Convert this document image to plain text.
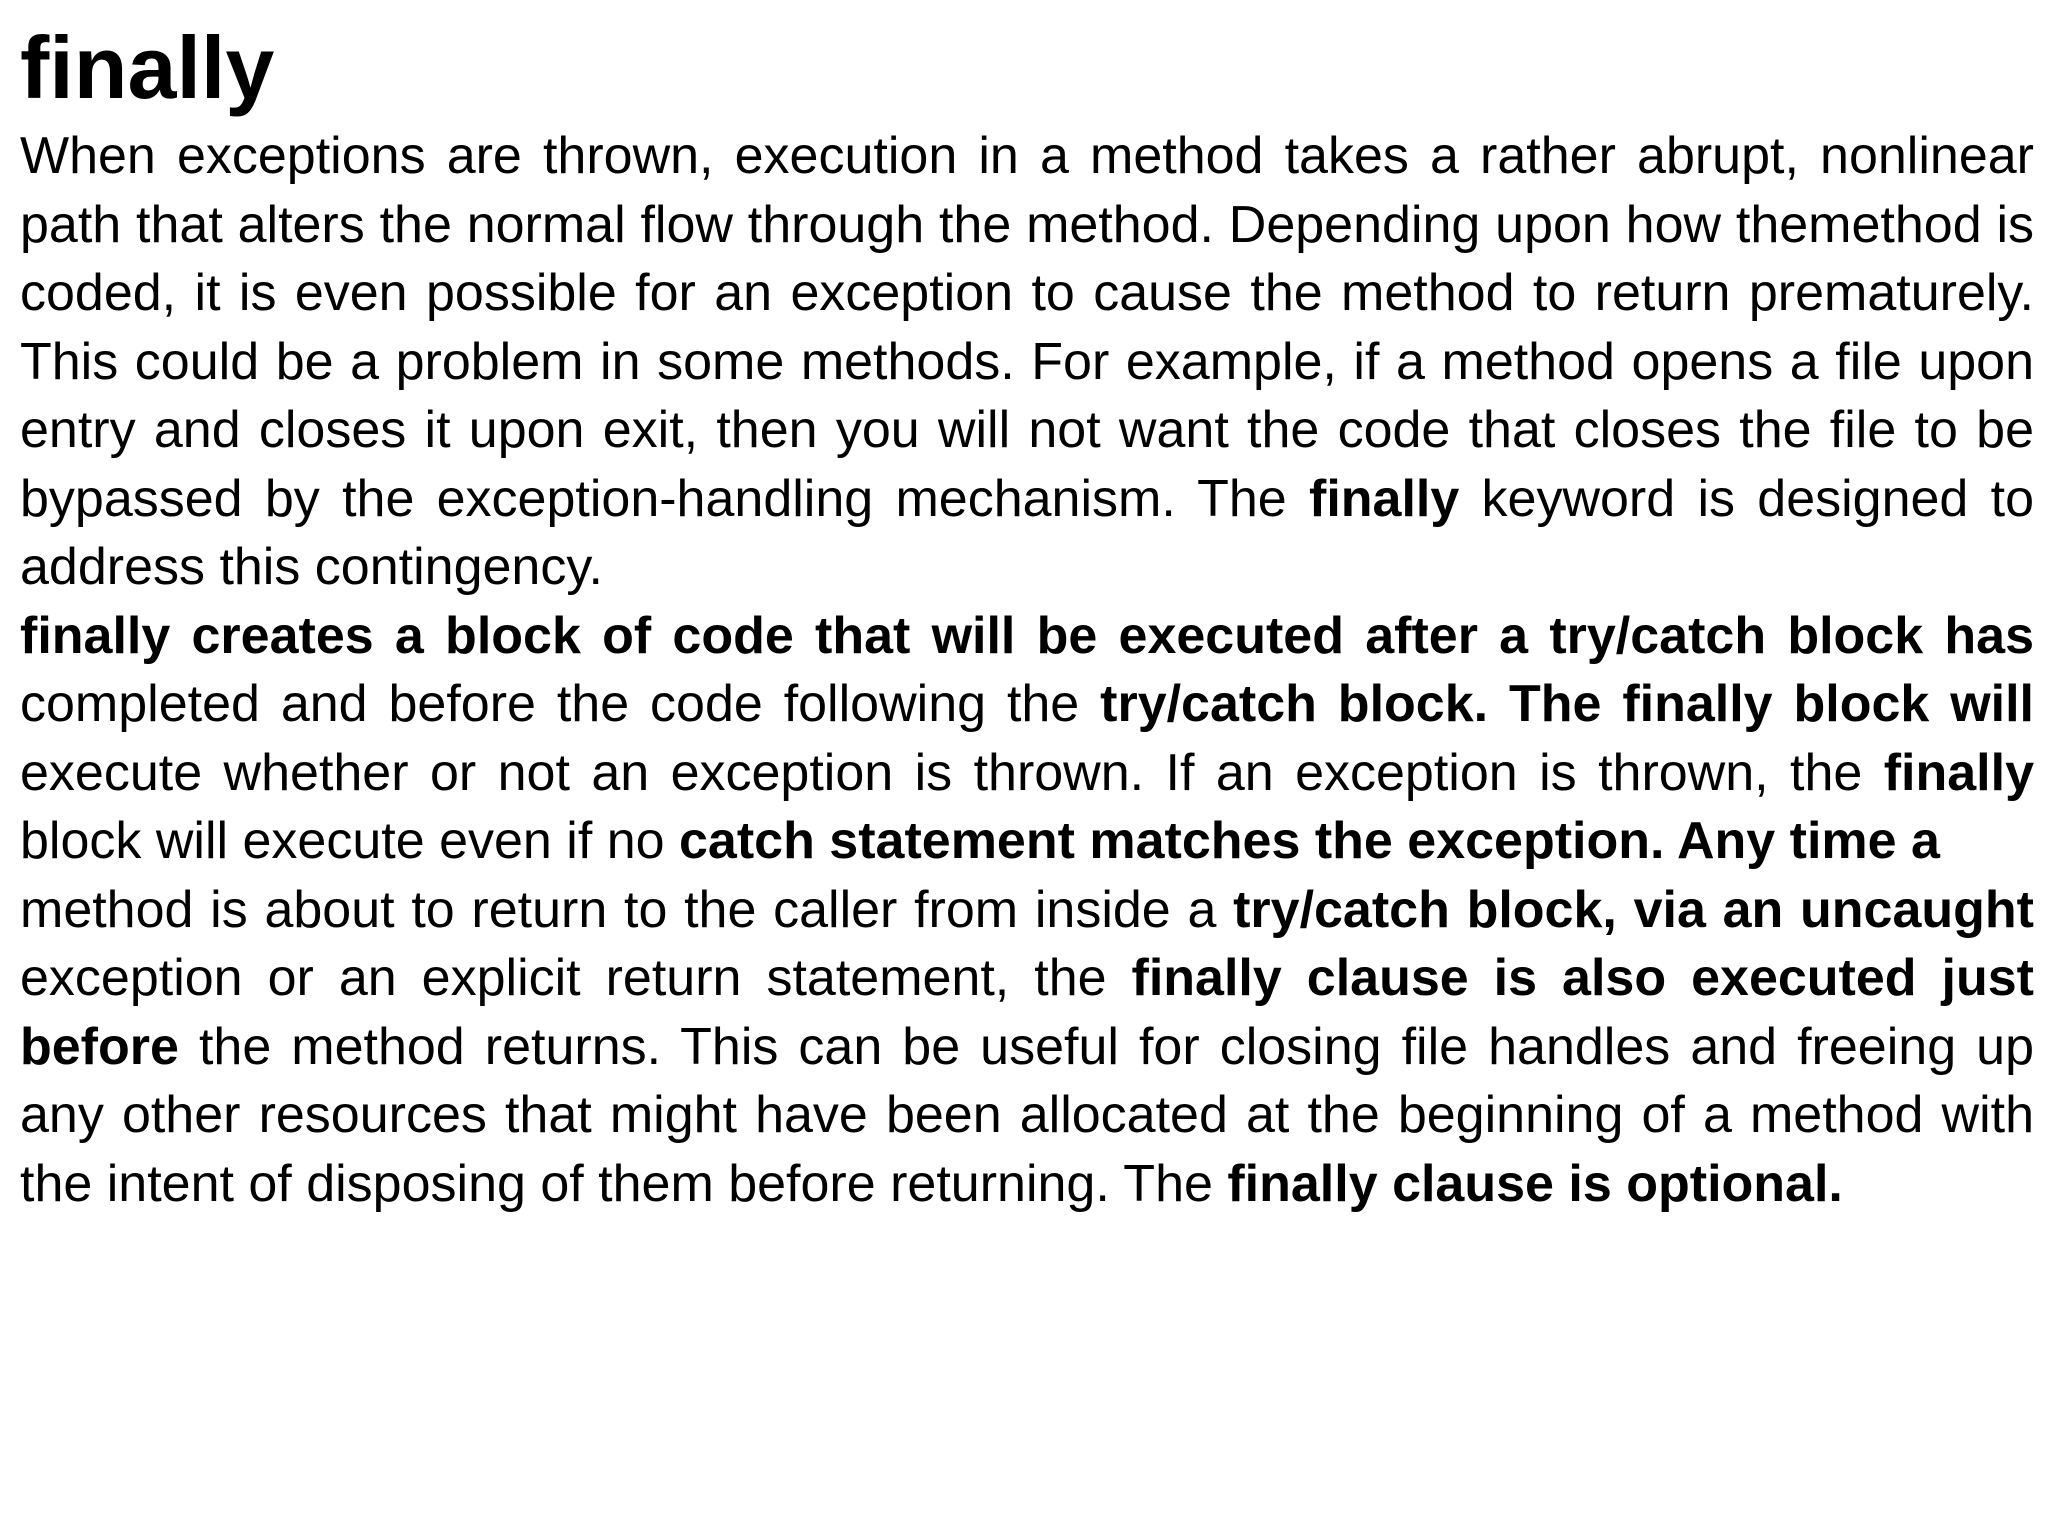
finally

When exceptions are thrown, execution in a method takes a rather abrupt, nonlinear path that alters the normal flow through the method. Depending upon how themethod is coded, it is even possible for an exception to cause the method to return prematurely. This could be a problem in some methods. For example, if a method opens a file upon entry and closes it upon exit, then you will not want the code that closes the file to be bypassed by the exception-handling mechanism. The finally keyword is designed to address this contingency.

finally creates a block of code that will be executed after a try/catch block has completed and before the code following the try/catch block. The finally block will execute whether or not an exception is thrown. If an exception is thrown, the finally block will execute even if no catch statement matches the exception. Any time a

method is about to return to the caller from inside a try/catch block, via an uncaught exception or an explicit return statement, the finally clause is also executed just before the method returns. This can be useful for closing file handles and freeing up any other resources that might have been allocated at the beginning of a method with the intent of disposing of them before returning. The finally clause is optional.
